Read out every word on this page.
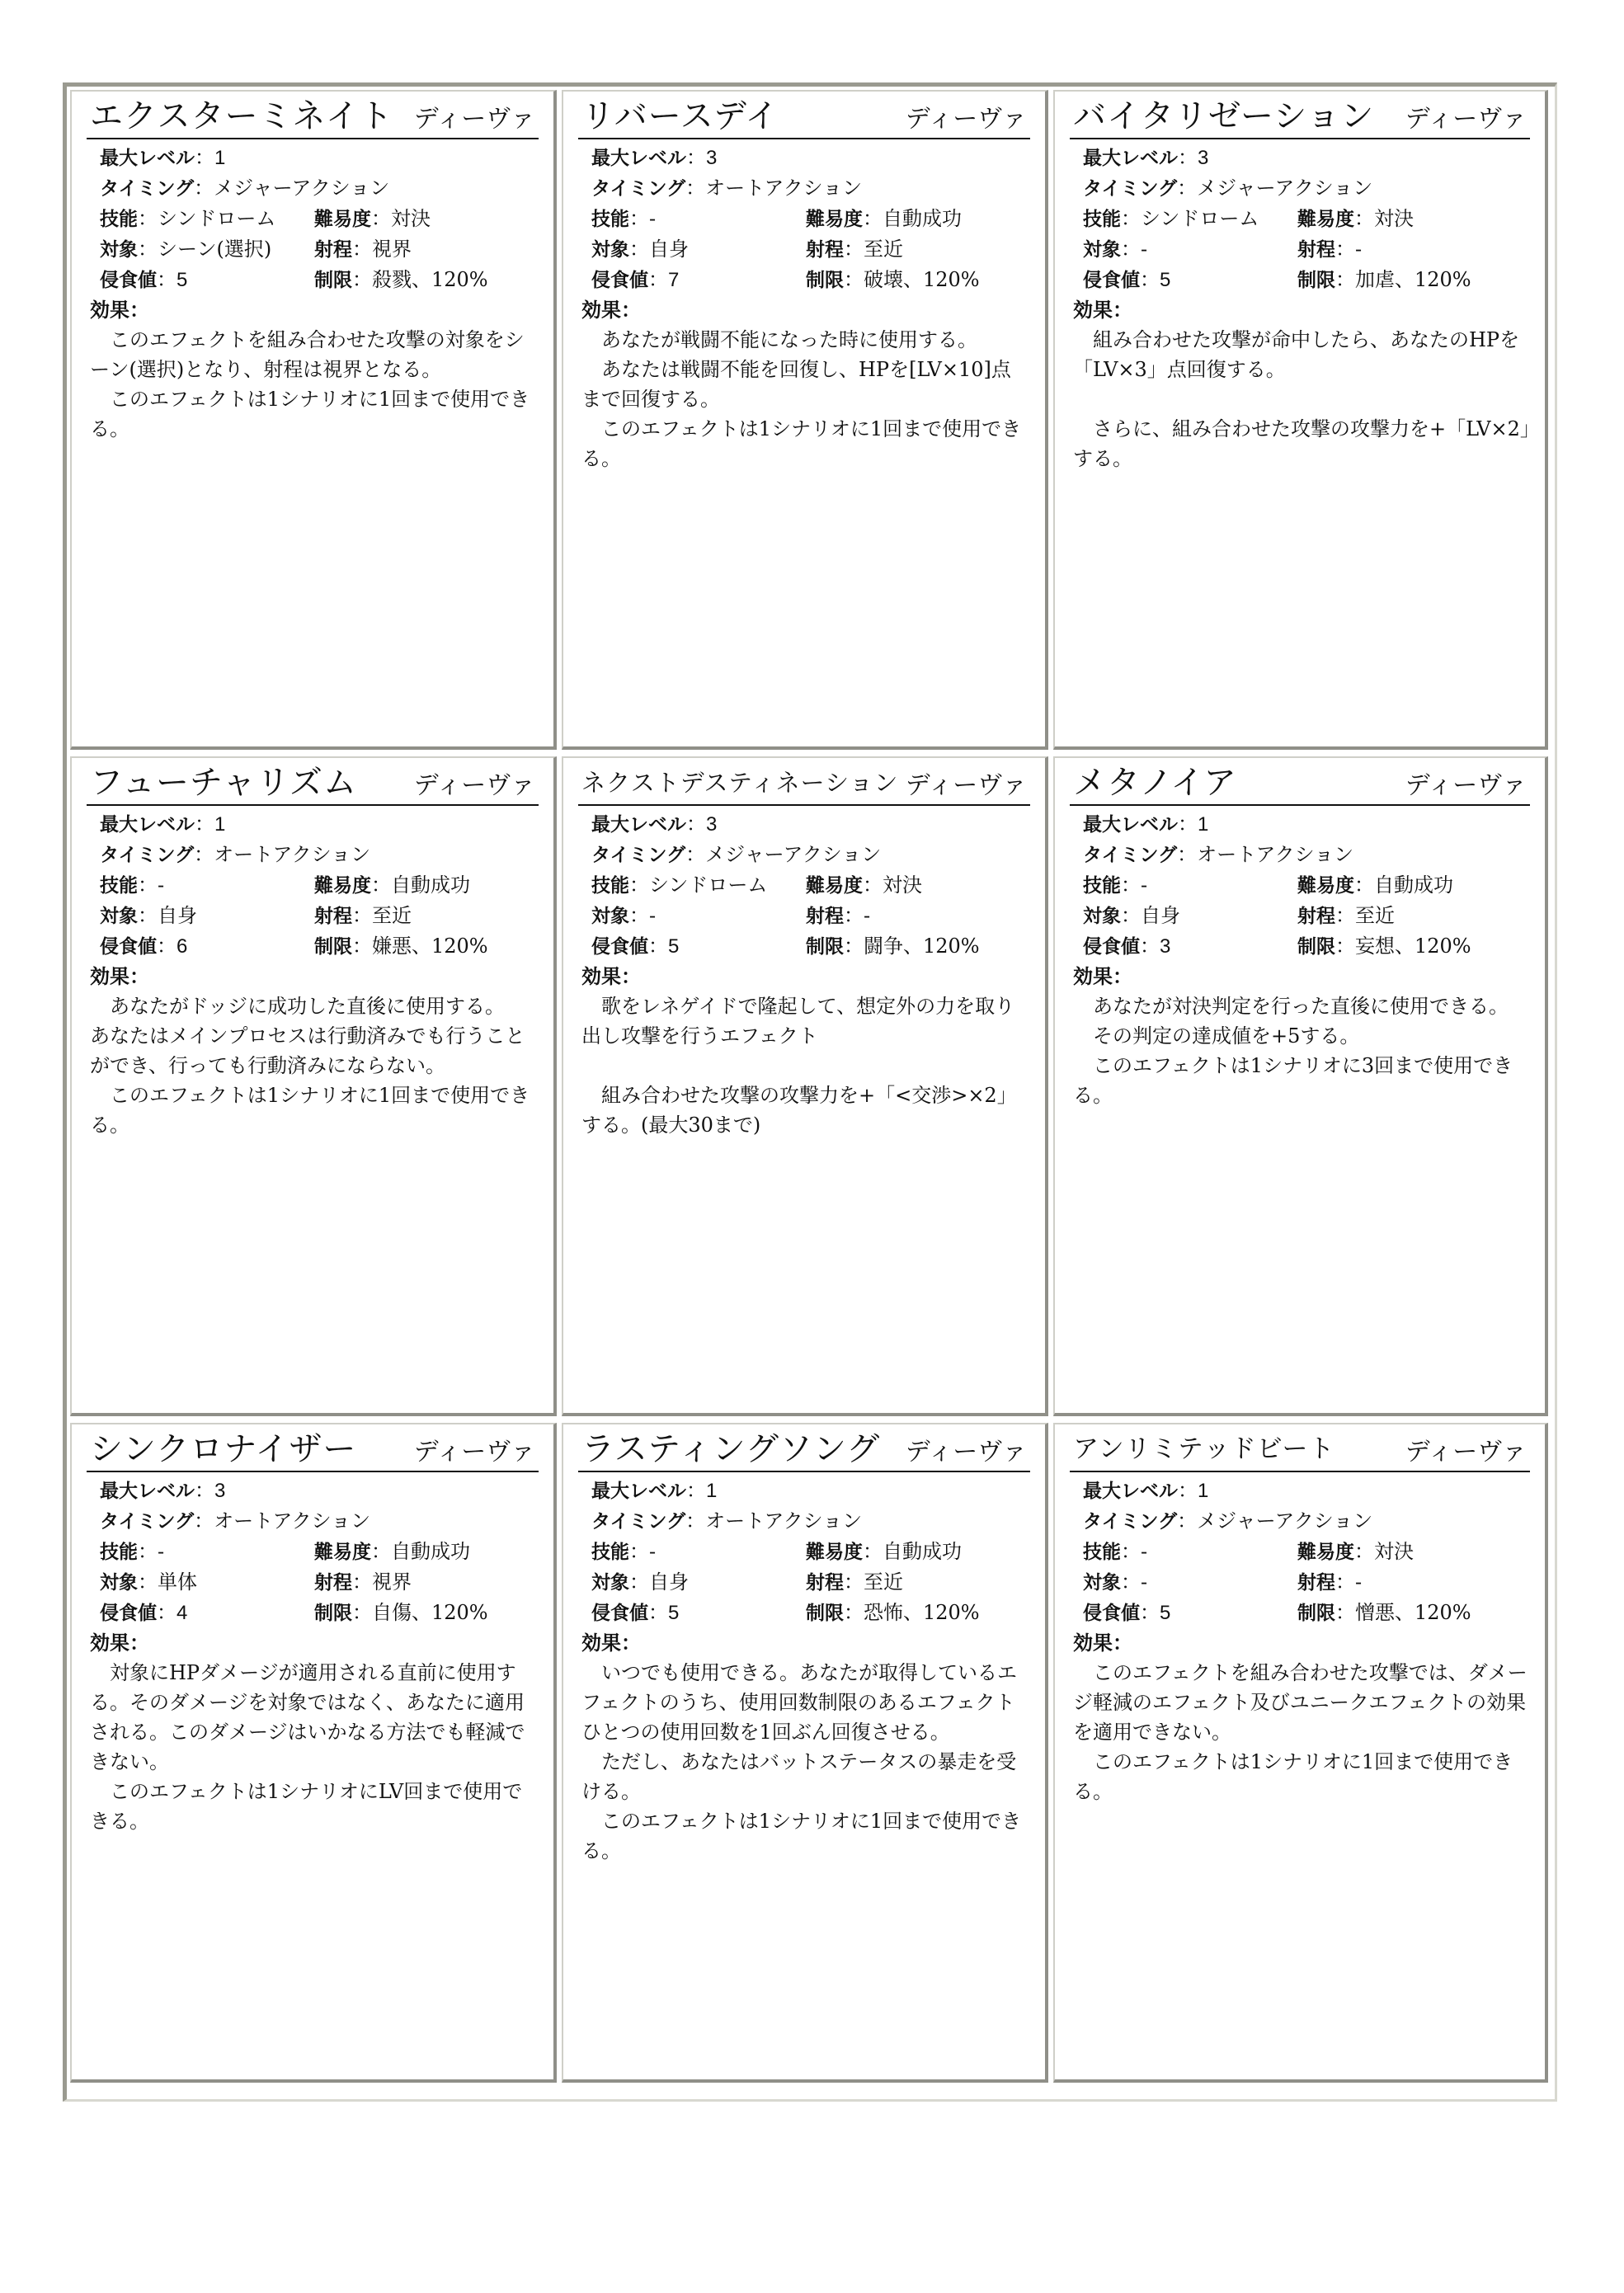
エクスターミネイト ディーヴァ
最大レベル：1
タイミング：メジャーアクション
技能：シンドローム	難易度：対決
対象：シーン(選択)	射程：視界
侵食値：5	制限：殺戮、120%
効果：

　このエフェクトを組み合わせた攻撃の対象をシーン(選択)となり、射程は視界となる。

　このエフェクトは1シナリオに1回まで使用できる。

リバースデイ	ディーヴァ
最大レベル：3
タイミング：オートアクション
技能：-	難易度：自動成功
対象：自身	射程：至近
侵食値：7	制限：破壊、120%
効果：

　あなたが戦闘不能になった時に使用する。

　あなたは戦闘不能を回復し、HPを[LV×10]点まで回復する。

　このエフェクトは1シナリオに1回まで使用できる。

バイタリゼーション ディーヴァ
最大レベル：3
タイミング：メジャーアクション
技能：シンドローム	難易度：対決
対象：-	射程：-
侵食値：5	制限：加虐、120%
効果：

　組み合わせた攻撃が命中したら、あなたのHPを「LV×3」点回復する。

　さらに、組み合わせた攻撃の攻撃力を+「LV×2」する。

フューチャリズム ディーヴァ
最大レベル：1
タイミング：オートアクション
技能：-	難易度：自動成功
対象：自身	射程：至近
侵食値：6	制限：嫌悪、120%
効果：

　あなたがドッジに成功した直後に使用する。

あなたはメインプロセスは行動済みでも行うことができ、行っても行動済みにならない。

　このエフェクトは1シナリオに1回まで使用できる。

ネクストデスティネーション ディーヴァ
最大レベル：3
タイミング：メジャーアクション
技能：シンドローム	難易度：対決
対象：-	射程：-
侵食値：5	制限：闘争、120%
効果：

　歌をレネゲイドで隆起して、想定外の力を取り出し攻撃を行うエフェクト

　組み合わせた攻撃の攻撃力を+「<交渉>×2」する。(最大30まで)

メタノイア	ディーヴァ
最大レベル：1
タイミング：オートアクション
技能：-	難易度：自動成功
対象：自身	射程：至近
侵食値：3	制限：妄想、120%
効果：

　あなたが対決判定を行った直後に使用できる。

　その判定の達成値を+5する。

　このエフェクトは1シナリオに3回まで使用できる。

シンクロナイザー ディーヴァ
最大レベル：3
タイミング：オートアクション
技能：-	難易度：自動成功
対象：単体	射程：視界
侵食値：4	制限：自傷、120%
効果：

　対象にHPダメージが適用される直前に使用する。そのダメージを対象ではなく、あなたに適用される。このダメージはいかなる方法でも軽減できない。

　このエフェクトは1シナリオにLV回まで使用できる。

ラスティングソング ディーヴァ
最大レベル：1
タイミング：オートアクション
技能：-	難易度：自動成功
対象：自身	射程：至近
侵食値：5	制限：恐怖、120%
効果：

　いつでも使用できる。あなたが取得しているエフェクトのうち、使用回数制限のあるエフェクトひとつの使用回数を1回ぶん回復させる。

　ただし、あなたはバットステータスの暴走を受ける。

　このエフェクトは1シナリオに1回まで使用できる。

アンリミテッドビート	ディーヴァ
最大レベル：1
タイミング：メジャーアクション
技能：-	難易度：対決
対象：-	射程：-
侵食値：5	制限：憎悪、120%
効果：

　このエフェクトを組み合わせた攻撃では、ダメージ軽減のエフェクト及びユニークエフェクトの効果を適用できない。

　このエフェクトは1シナリオに1回まで使用できる。
